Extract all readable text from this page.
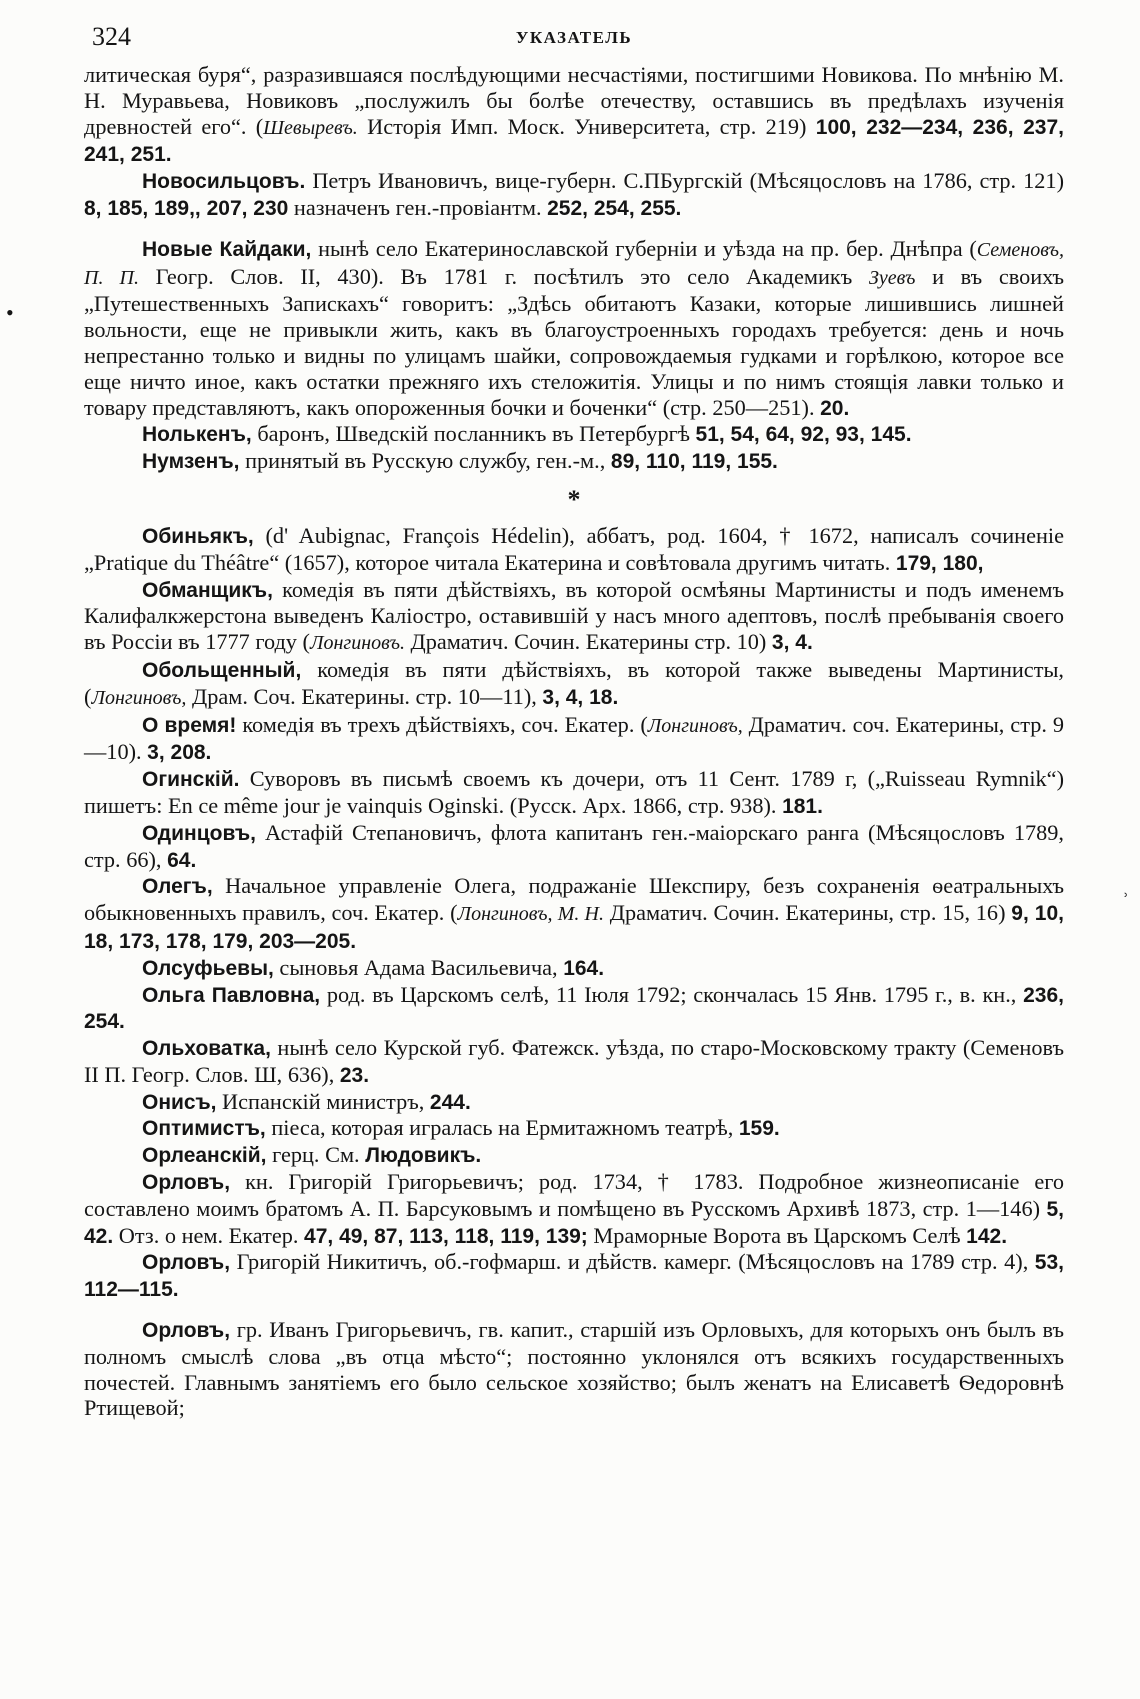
324	УКАЗАТЕЛЬ

литическая буря“, разразившаяся послѣдующими несчастіями, постигшими Новикова. По мнѣнію М. Н. Муравьева, Новиковъ „послужилъ бы болѣе отечеству, оставшись въ предѣлахъ изученія древностей его“. (Шевыревъ. Исторія Имп. Моск. Университета, стр. 219) 100, 232—234, 236, 237, 241, 251.

Новосильцовъ. Петръ Ивановичъ, вице-губерн. С.ПБургскій (Мѣсяцословъ на 1786, стр. 121) 8, 185, 189,, 207, 230 назначенъ ген.-провіантм. 252, 254, 255.

Новые Кайдаки, нынѣ село Екатеринославской губерніи и уѣзда на пр. бер. Днѣпра (Семеновъ, П. П. Геогр. Слов. II, 430). Въ 1781 г. посѣтилъ это село Академикъ Зуевъ и въ своихъ „Путешественныхъ Запискахъ“ говоритъ: „Здѣсь обитаютъ Казаки, которые лишившись лишней вольности, еще не привыкли жить, какъ въ благоустроенныхъ городахъ требуется: день и ночь непрестанно только и видны по улицамъ шайки, сопровождаемыя гудками и горѣлкою, которое все еще ничто иное, какъ остатки прежняго ихъ стеложитія. Улицы и по нимъ стоящія лавки только и товару представляютъ, какъ опороженныя бочки и боченки“ (стр. 250—251). 20.

Нолькенъ, баронъ, Шведскій посланникъ въ Петербургѣ 51, 54, 64, 92, 93, 145.

Нумзенъ, принятый въ Русскую службу, ген.-м., 89, 110, 119, 155.

*

Обиньякъ, (d' Aubignac, François Hédelin), аббатъ, род. 1604, † 1672, написалъ сочиненіе „Pratique du Théâtre“ (1657), которое читала Екатерина и совѣтовала другимъ читать. 179, 180,

Обманщикъ, комедія въ пяти дѣйствіяхъ, въ которой осмѣяны Мартинисты и подъ именемъ Калифалкжерстона выведенъ Каліостро, оставившій у насъ много адептовъ, послѣ пребыванія своего въ Россіи въ 1777 году (Лонгиновъ. Драматич. Сочин. Екатерины стр. 10) 3, 4.

Обольщенный, комедія въ пяти дѣйствіяхъ, въ которой также выведены Мартинисты, (Лонгиновъ, Драм. Соч. Екатерины. стр. 10—11), 3, 4, 18.

О время! комедія въ трехъ дѣйствіяхъ, соч. Екатер. (Лонгиновъ, Драматич. соч. Екатерины, стр. 9—10). 3, 208.

Огинскій. Суворовъ въ письмѣ своемъ къ дочери, отъ 11 Сент. 1789 г, („Ruisseau Rymnik“) пишетъ: En ce même jour je vainquis Oginski. (Русск. Арх. 1866, стр. 938). 181.

Одинцовъ, Астафій Степановичъ, флота капитанъ ген.-маіорскаго ранга (Мѣсяцословъ 1789, стр. 66), 64.

Олегъ, Начальное управленіе Олега, подражаніе Шекспиру, безъ сохраненія ѳеатральныхъ обыкновенныхъ правилъ, соч. Екатер. (Лонгиновъ, М. Н. Драматич. Сочин. Екатерины, стр. 15, 16) 9, 10, 18, 173, 178, 179, 203—205.

Олсуфьевы, сыновья Адама Васильевича, 164.

Ольга Павловна, род. въ Царскомъ селѣ, 11 Іюля 1792; скончалась 15 Янв. 1795 г., в. кн., 236, 254.

Ольховатка, нынѣ село Курской губ. Фатежск. уѣзда, по старо-Московскому тракту (Семеновъ II П. Геогр. Слов. Ш, 636), 23.

Онисъ, Испанскій министръ, 244.

Оптимистъ, піеса, которая игралась на Ермитажномъ театрѣ, 159.

Орлеанскій, герц. См. Людовикъ.

Орловъ, кн. Григорій Григорьевичъ; род. 1734, † 1783. Подробное жизнеописаніе его составлено моимъ братомъ А. П. Барсуковымъ и помѣщено въ Русскомъ Архивѣ 1873, стр. 1—146) 5, 42. Отз. о нем. Екатер. 47, 49, 87, 113, 118, 119, 139; Мраморные Ворота въ Царскомъ Селѣ 142.

Орловъ, Григорій Никитичъ, об.-гофмарш. и дѣйств. камерг. (Мѣсяцословъ на 1789 стр. 4), 53, 112—115.

Орловъ, гр. Иванъ Григорьевичъ, гв. капит., старшій изъ Орловыхъ, для которыхъ онъ былъ въ полномъ смыслѣ слова „въ отца мѣсто“; постоянно уклонялся отъ всякихъ государственныхъ почестей. Главнымъ занятіемъ его было сельское хозяйство; былъ женатъ на Елисаветѣ Ѳедоровнѣ Ртищевой;

•
˒
